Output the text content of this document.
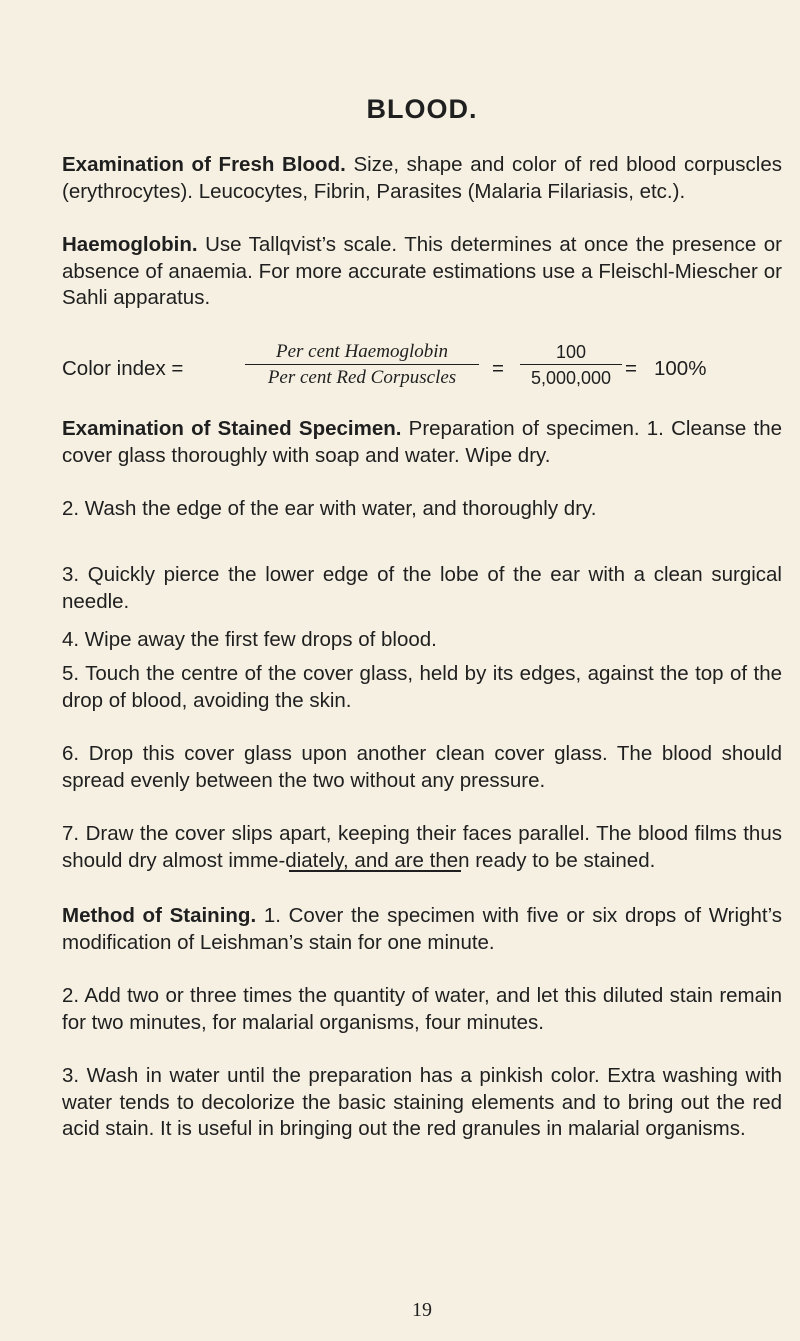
BLOOD.

Examination of Fresh Blood. Size, shape and color of red blood corpuscles (erythrocytes). Leucocytes, Fibrin, Parasites (Malaria Filariasis, etc.).

Haemoglobin. Use Tallqvist’s scale. This determines at once the presence or absence of anaemia. For more accurate estimations use a Fleischl-Miescher or Sahli apparatus.

Color index =
Per cent Haemoglobin
Per cent Red Corpuscles	= $\frac{100}{5,000,000} = 100\%$

Examination of Stained Specimen. Preparation of specimen. 1. Cleanse the cover glass thoroughly with soap and water. Wipe dry.

2. Wash the edge of the ear with water, and thoroughly dry.

3. Quickly pierce the lower edge of the lobe of the ear with a clean surgical needle.

4. Wipe away the first few drops of blood.

5. Touch the centre of the cover glass, held by its edges, against the top of the drop of blood, avoiding the skin.

6. Drop this cover glass upon another clean cover glass. The blood should spread evenly between the two without any pressure.

7. Draw the cover slips apart, keeping their faces parallel. The blood films thus should dry almost imme-diately, and are then ready to be stained.

Method of Staining. 1. Cover the specimen with five or six drops of Wright’s modification of Leishman’s stain for one minute.

2. Add two or three times the quantity of water, and let this diluted stain remain for two minutes, for malarial organisms, four minutes.

3. Wash in water until the preparation has a pinkish color. Extra washing with water tends to decolorize the basic staining elements and to bring out the red acid stain. It is useful in bringing out the red granules in malarial organisms.

19
